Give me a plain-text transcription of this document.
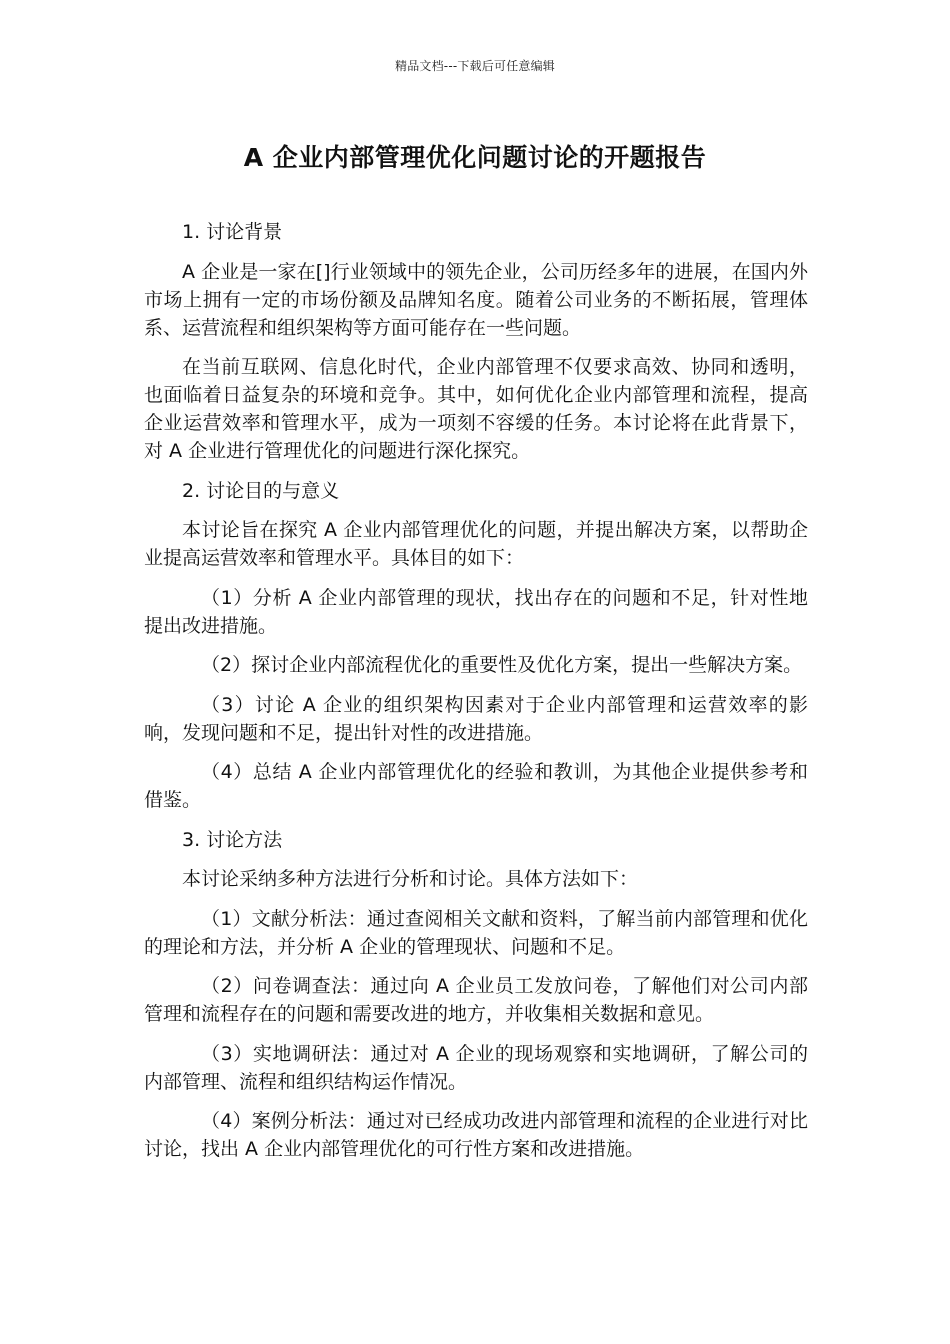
精品文档---下载后可任意编辑
A 企业内部管理优化问题讨论的开题报告
1. 讨论背景

A 企业是一家在[]行业领域中的领先企业，公司历经多年的进展，在国内外市场上拥有一定的市场份额及品牌知名度。随着公司业务的不断拓展，管理体系、运营流程和组织架构等方面可能存在一些问题。

在当前互联网、信息化时代，企业内部管理不仅要求高效、协同和透明，也面临着日益复杂的环境和竞争。其中，如何优化企业内部管理和流程，提高企业运营效率和管理水平，成为一项刻不容缓的任务。本讨论将在此背景下，对 A 企业进行管理优化的问题进行深化探究。

2. 讨论目的与意义

本讨论旨在探究 A 企业内部管理优化的问题，并提出解决方案，以帮助企业提高运营效率和管理水平。具体目的如下：

（1）分析 A 企业内部管理的现状，找出存在的问题和不足，针对性地提出改进措施。

（2）探讨企业内部流程优化的重要性及优化方案，提出一些解决方案。

（3）讨论 A 企业的组织架构因素对于企业内部管理和运营效率的影响，发现问题和不足，提出针对性的改进措施。

（4）总结 A 企业内部管理优化的经验和教训，为其他企业提供参考和借鉴。

3. 讨论方法

本讨论采纳多种方法进行分析和讨论。具体方法如下：

（1）文献分析法：通过查阅相关文献和资料，了解当前内部管理和优化的理论和方法，并分析 A 企业的管理现状、问题和不足。

（2）问卷调查法：通过向 A 企业员工发放问卷，了解他们对公司内部管理和流程存在的问题和需要改进的地方，并收集相关数据和意见。

（3）实地调研法：通过对 A 企业的现场观察和实地调研，了解公司的内部管理、流程和组织结构运作情况。

（4）案例分析法：通过对已经成功改进内部管理和流程的企业进行对比讨论，找出 A 企业内部管理优化的可行性方案和改进措施。
